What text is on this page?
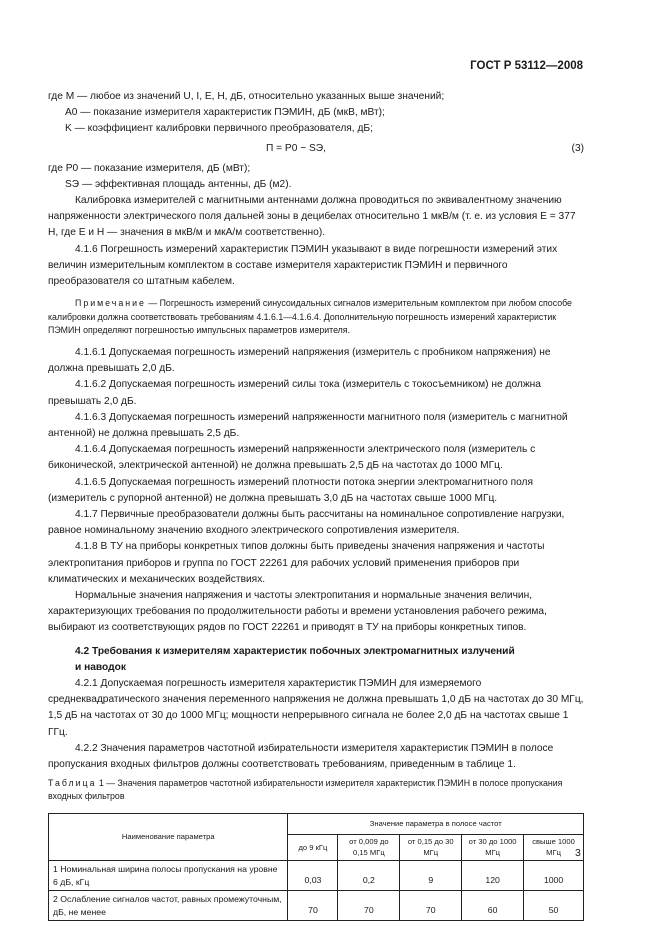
ГОСТ Р 53112—2008

где M — любое из значений U, I, E, H, дБ, относительно указанных выше значений;

A0 — показание измерителя характеристик ПЭМИН, дБ (мкВ, мВт);

K — коэффициент калибровки первичного преобразователя, дБ;

П = P0 − SЭ,	(3)

где P0 — показание измерителя, дБ (мВт);

SЭ — эффективная площадь антенны, дБ (м2).

Калибровка измерителей с магнитными антеннами должна проводиться по эквивалентному значению напряженности электрического поля дальней зоны в децибелах относительно 1 мкВ/м (т. е. из условия E = 377 H, где E и H — значения в мкВ/м и мкА/м соответственно).

4.1.6 Погрешность измерений характеристик ПЭМИН указывают в виде погрешности измерений этих величин измерительным комплектом в составе измерителя характеристик ПЭМИН и первичного преобразователя со штатным кабелем.

Примечание — Погрешность измерений синусоидальных сигналов измерительным комплектом при любом способе калибровки должна соответствовать требованиям 4.1.6.1—4.1.6.4. Дополнительную погрешность измерений характеристик ПЭМИН определяют погрешностью импульсных параметров измерителя.

4.1.6.1 Допускаемая погрешность измерений напряжения (измеритель с пробником напряжения) не должна превышать 2,0 дБ.

4.1.6.2 Допускаемая погрешность измерений силы тока (измеритель с токосъемником) не должна превышать 2,0 дБ.

4.1.6.3 Допускаемая погрешность измерений напряженности магнитного поля (измеритель с магнитной антенной) не должна превышать 2,5 дБ.

4.1.6.4 Допускаемая погрешность измерений напряженности электрического поля (измеритель с биконической, электрической антенной) не должна превышать 2,5 дБ на частотах до 1000 МГц.

4.1.6.5 Допускаемая погрешность измерений плотности потока энергии электромагнитного поля (измеритель с рупорной антенной) не должна превышать 3,0 дБ на частотах свыше 1000 МГц.

4.1.7 Первичные преобразователи должны быть рассчитаны на номинальное сопротивление нагрузки, равное номинальному значению входного электрического сопротивления измерителя.

4.1.8 В ТУ на приборы конкретных типов должны быть приведены значения напряжения и частоты электропитания приборов и группа по ГОСТ 22261 для рабочих условий применения приборов при климатических и механических воздействиях.

Нормальные значения напряжения и частоты электропитания и нормальные значения величин, характеризующих требования по продолжительности работы и времени установления рабочего режима, выбирают из соответствующих рядов по ГОСТ 22261 и приводят в ТУ на приборы конкретных типов.

4.2 Требования к измерителям характеристик побочных электромагнитных излучений
и наводок

4.2.1 Допускаемая погрешность измерителя характеристик ПЭМИН для измеряемого среднеквадратического значения переменного напряжения не должна превышать 1,0 дБ на частотах до 30 МГц, 1,5 дБ на частотах от 30 до 1000 МГц; мощности непрерывного сигнала не более 2,0 дБ на частотах свыше 1 ГГц.

4.2.2 Значения параметров частотной избирательности измерителя характеристик ПЭМИН в полосе пропускания входных фильтров должны соответствовать требованиям, приведенным в таблице 1.

Таблица 1 — Значения параметров частотной избирательности измерителя характеристик ПЭМИН в полосе пропускания входных фильтров

Наименование параметра	Значение параметра в полосе частот				
	до 9 кГц	от 0,009 до 0,15 МГц	от 0,15 до 30 МГц	от 30 до 1000 МГц	свыше 1000 МГц
1 Номинальная ширина полосы пропускания на уровне 6 дБ, кГц	0,03	0,2	9	120	1000
2 Ослабление сигналов частот, равных промежуточным, дБ, не менее	70	70	70	60	50
3
